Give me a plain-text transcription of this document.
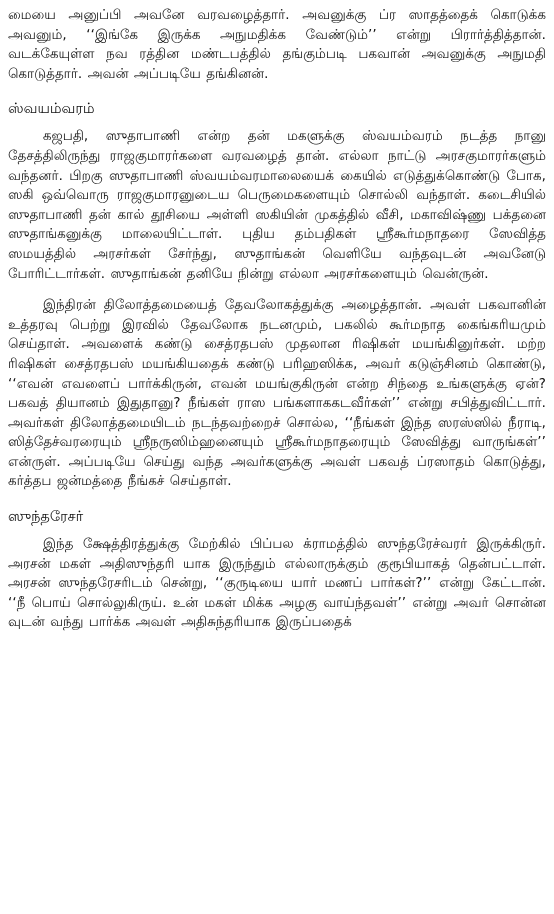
மையை அனுப்பி அவனே வரவழைத்தார். அவனுக்கு ப்ர ஸாதத்தைக் கொடுக்க அவனும், ‘‘இங்கே இருக்க அநுமதிக்க வேண்டும்’’ என்று பிரார்த்தித்தான். வடக்கேயுள்ள நவ ரத்தின மண்டபத்தில் தங்கும்படி பகவான் அவனுக்கு அநுமதி கொடுத்தார். அவன் அப்படியே தங்கினன்.

ஸ்வயம்வரம்

கஜபதி, ஸுதாபாணி என்ற தன் மகளுக்கு ஸ்வயம்வரம் நடத்த நானு தேசத்திலிருந்து ராஜகுமாரர்களை வரவழைத் தான். எல்லா நாட்டு அரசகுமாரர்களும் வந்தனர். பிறகு ஸுதாபாணி ஸ்வயம்வரமாலையைக் கையில் எடுத்துக்கொண்டு போக, ஸகி ஒவ்வொரு ராஜகுமாரனுடைய பெருமைகளையும் சொல்லி வந்தாள். கடைசியில் ஸுதாபாணி தன் கால் தூசியை அள்ளி ஸகியின் முகத்தில் வீசி, மகாவிஷ்ணு பக்தனை ஸுதாங்கனுக்கு மாலையிட்டாள். புதிய தம்பதிகள் ஸ்ரீகூர்மநாதரை ஸேவித்த ஸமயத்தில் அரசர்கள் சேர்ந்து, ஸுதாங்கன் வெளியே வந்தவுடன் அவனேடு போரிட்டார்கள். ஸுதாங்கன் தனியே நின்று எல்லா அரசர்களையும் வென்ருன்.

இந்திரன் திலோத்தமையைத் தேவலோகத்துக்கு அழைத்தான். அவள் பகவானின் உத்தரவு பெற்று இரவில் தேவலோக நடனமும், பகலில் கூர்மநாத கைங்கரியமும் செய்தாள். அவளைக் கண்டு சைத்ரதபஸ் முதலான ரிஷிகள் மயங்கினுர்கள். மற்ற ரிஷிகள் சைத்ரதபஸ் மயங்கியதைக் கண்டு பரிஹஸிக்க, அவர் கடுஞ்சினம் கொண்டு, ‘‘எவன் எவளைப் பார்க்கிருன், எவன் மயங்குகிருன் என்ற சிந்தை உங்களுக்கு ஏன்? பகவத் தியானம் இதுதானு? நீங்கள் ராஸ பங்களாககடவீர்கள்’’ என்று சபித்துவிட்டார். அவர்கள் திலோத்தமையிடம் நடந்தவற்றைச் சொல்ல, ‘‘நீங்கள் இந்த ஸரஸ்ஸில் நீராடி, ஸித்தேச்வரரையும் ஸ்ரீநருஸிம்ஹனையும் ஸ்ரீகூர்மநாதரையும் ஸேவித்து வாருங்கள்’’ என்ருள். அப்படியே செய்து வந்த அவர்களுக்கு அவள் பகவத் ப்ரஸாதம் கொடுத்து, கர்த்தப ஜன்மத்தை நீங்கச் செய்தாள்.

ஸுந்தரேசர்

இந்த க்ஷேத்திரத்துக்கு மேற்கில் பிப்பல க்ராமத்தில் ஸுந்தரேச்வரர் இருக்கிருர். அரசன் மகள் அதிஸுந்தரி யாக இருந்தும் எல்லாருக்கும் குரூபியாகத் தென்பட்டாள். அரசன் ஸுந்தரேசரிடம் சென்று, ‘‘குருடியை யார் மணப் பார்கள்?’’ என்று கேட்டான். ‘‘நீ பொய் சொல்லுகிருய். உன் மகள் மிக்க அழகு வாய்ந்தவள்’’ என்று அவர் சொன்ன வுடன் வந்து பார்க்க அவள் அதிசுந்தரியாக இருப்பதைக்
